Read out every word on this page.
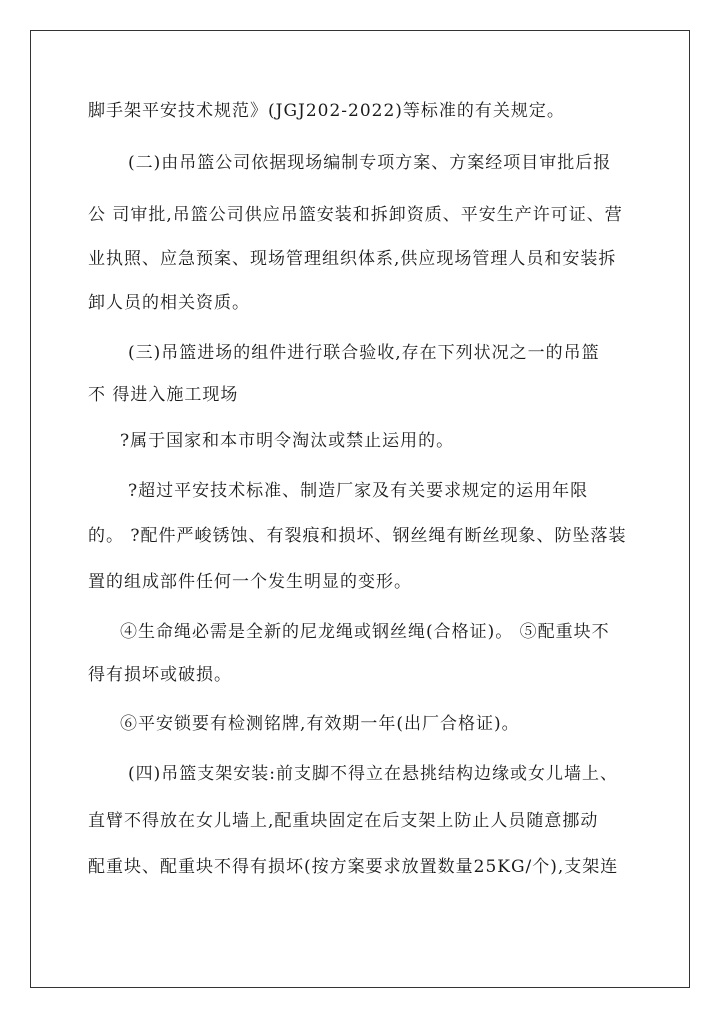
脚手架平安技术规范》(JGJ202-2022)等标准的有关规定。
(二)由吊篮公司依据现场编制专项方案、方案经项目审批后报
公 司审批,吊篮公司供应吊篮安装和拆卸资质、平安生产许可证、营
业执照、应急预案、现场管理组织体系,供应现场管理人员和安装拆
卸人员的相关资质。
(三)吊篮进场的组件进行联合验收,存在下列状况之一的吊篮
不 得进入施工现场
?属于国家和本市明令淘汰或禁止运用的。
?超过平安技术标准、制造厂家及有关要求规定的运用年限
的。 ?配件严峻锈蚀、有裂痕和损坏、钢丝绳有断丝现象、防坠落装
置的组成部件任何一个发生明显的变形。
④生命绳必需是全新的尼龙绳或钢丝绳(合格证)。 ⑤配重块不
得有损坏或破损。
⑥平安锁要有检测铭牌,有效期一年(出厂合格证)。
(四)吊篮支架安装:前支脚不得立在悬挑结构边缘或女儿墙上、
直臂不得放在女儿墙上,配重块固定在后支架上防止人员随意挪动
配重块、配重块不得有损坏(按方案要求放置数量25KG/个),支架连
